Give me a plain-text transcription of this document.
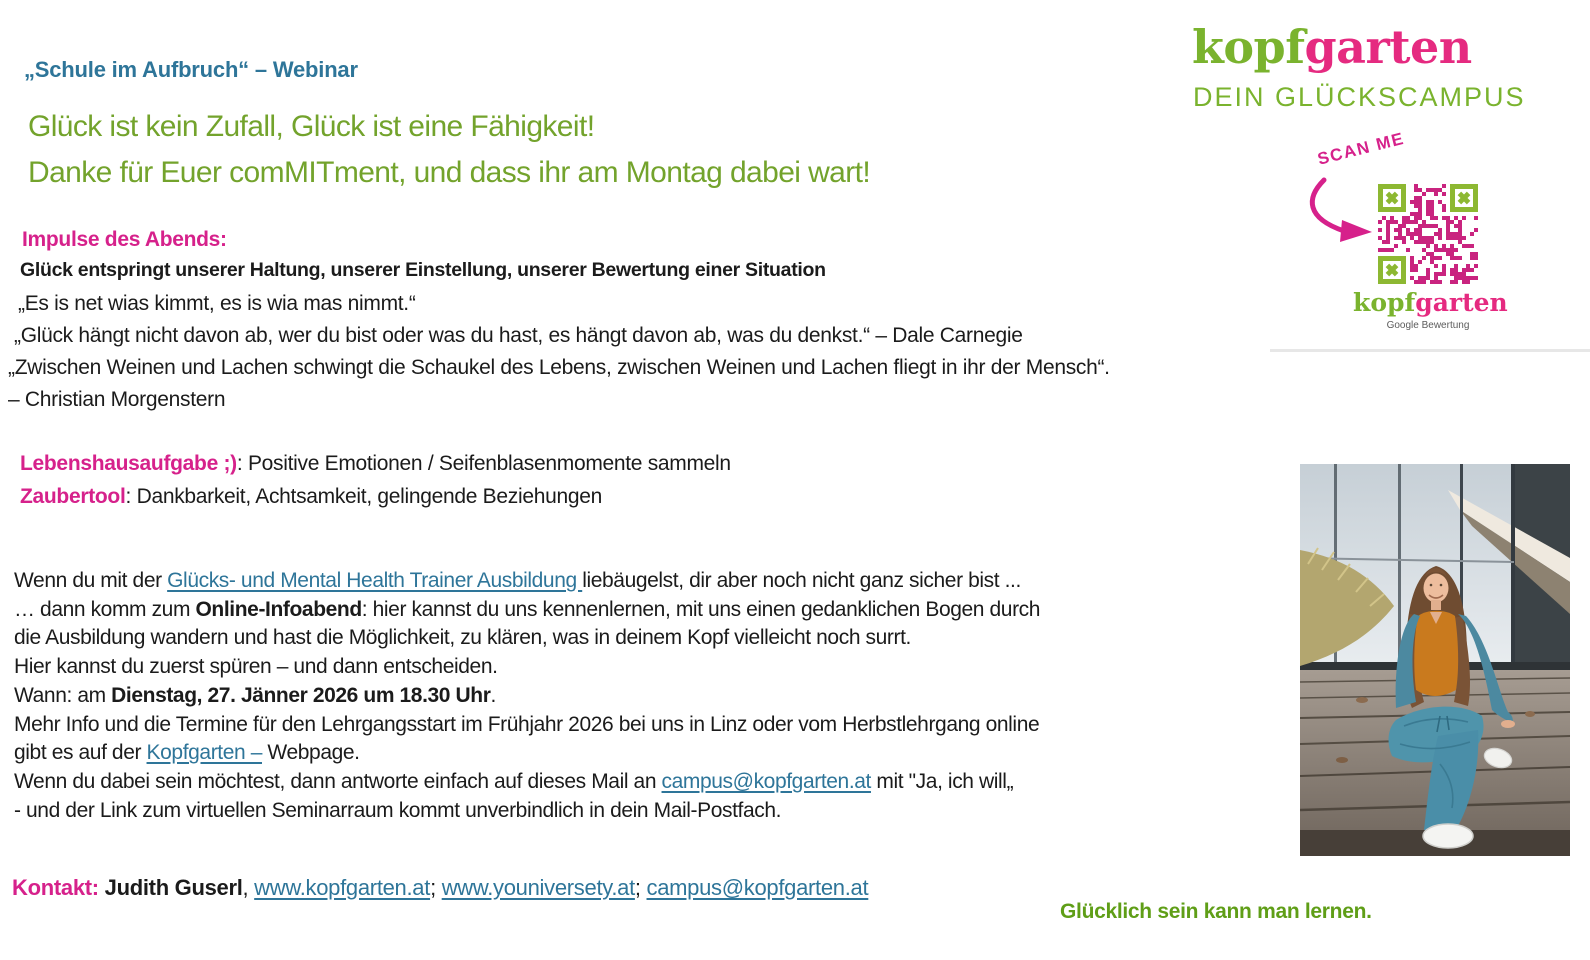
„Schule im Aufbruch“ – Webinar
Glück ist kein Zufall, Glück ist eine Fähigkeit!
Danke für Euer comMITment, und dass ihr am Montag dabei wart!
Impulse des Abends:
Glück entspringt unserer Haltung, unserer Einstellung, unserer Bewertung einer Situation
„Es is net wias kimmt, es is wia mas nimmt.“
„Glück hängt nicht davon ab, wer du bist oder was du hast, es hängt davon ab, was du denkst.“ – Dale Carnegie
„Zwischen Weinen und Lachen schwingt die Schaukel des Lebens, zwischen Weinen und Lachen fliegt in ihr der Mensch“.
– Christian Morgenstern
Lebenshausaufgabe ;): Positive Emotionen / Seifenblasenmomente sammeln
Zaubertool: Dankbarkeit, Achtsamkeit, gelingende Beziehungen
Wenn du mit der Glücks- und Mental Health Trainer Ausbildung liebäugelst, dir aber noch nicht ganz sicher bist ...
… dann komm zum Online-Infoabend: hier kannst du uns kennenlernen, mit uns einen gedanklichen Bogen durch
die Ausbildung wandern und hast die Möglichkeit, zu klären, was in deinem Kopf vielleicht noch surrt.
Hier kannst du zuerst spüren – und dann entscheiden.
Wann: am Dienstag, 27. Jänner 2026 um 18.30 Uhr.
Mehr Info und die Termine für den Lehrgangsstart im Frühjahr 2026 bei uns in Linz oder vom Herbstlehrgang online
gibt es auf der Kopfgarten – Webpage.
Wenn du dabei sein möchtest, dann antworte einfach auf dieses Mail an campus@kopfgarten.at mit "Ja, ich will„
- und der Link zum virtuellen Seminarraum kommt unverbindlich in dein Mail-Postfach.
Kontakt: Judith Guserl, www.kopfgarten.at; www.youniversety.at; campus@kopfgarten.at
Glücklich sein kann man lernen.
kopfgarten
DEIN GLÜCKSCAMPUS
SCAN ME
kopfgarten
Google Bewertung
